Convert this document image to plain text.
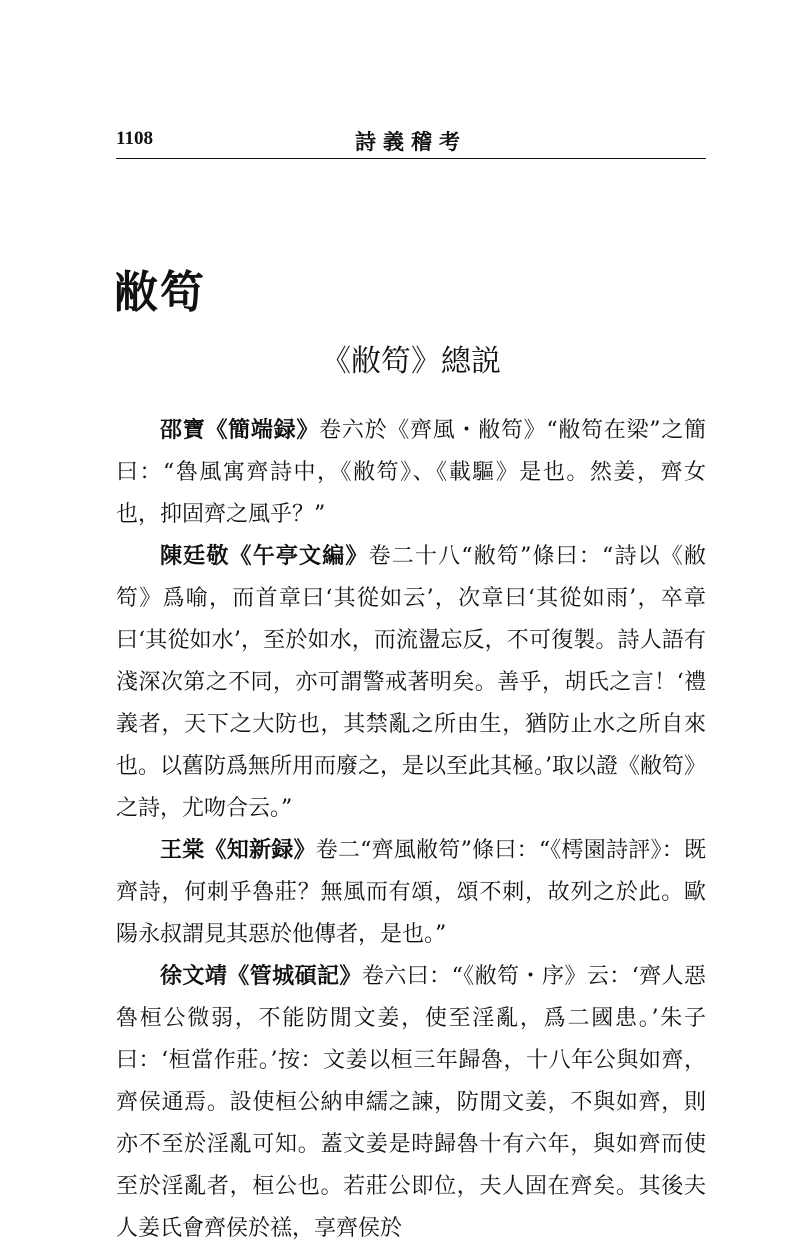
1108	詩義稽考
敝笱
《敝笱》總説

邵寶《簡端録》卷六於《齊風・敝笱》“敝笱在梁”之簡曰：“魯風寓齊詩中，《敝笱》、《載驅》是也。然姜，齊女也，抑固齊之風乎？”

陳廷敬《午亭文編》卷二十八“敝笱”條曰：“詩以《敝笱》爲喻，而首章曰‘其從如云’，次章曰‘其從如雨’，卒章曰‘其從如水’，至於如水，而流盪忘反，不可復製。詩人語有淺深次第之不同，亦可謂警戒著明矣。善乎，胡氏之言！‘禮義者，天下之大防也，其禁亂之所由生，猶防止水之所自來也。以舊防爲無所用而廢之，是以至此其極。’取以證《敝笱》之詩，尤吻合云。”

王棠《知新録》卷二“齊風敝笱”條曰：“《樗園詩評》：既齊詩，何刺乎魯莊？無風而有頌，頌不刺，故列之於此。歐陽永叔謂見其惡於他傳者，是也。”

徐文靖《管城碩記》卷六曰：“《敝笱・序》云：‘齊人惡魯桓公微弱，不能防閒文姜，使至淫亂，爲二國患。’朱子曰：‘桓當作莊。’按：文姜以桓三年歸魯，十八年公與如齊，齊侯通焉。設使桓公納申繻之諫，防閒文姜，不與如齊，則亦不至於淫亂可知。蓋文姜是時歸魯十有六年，與如齊而使至於淫亂者，桓公也。若莊公即位，夫人固在齊矣。其後夫人姜氏會齊侯於禚，享齊侯於
